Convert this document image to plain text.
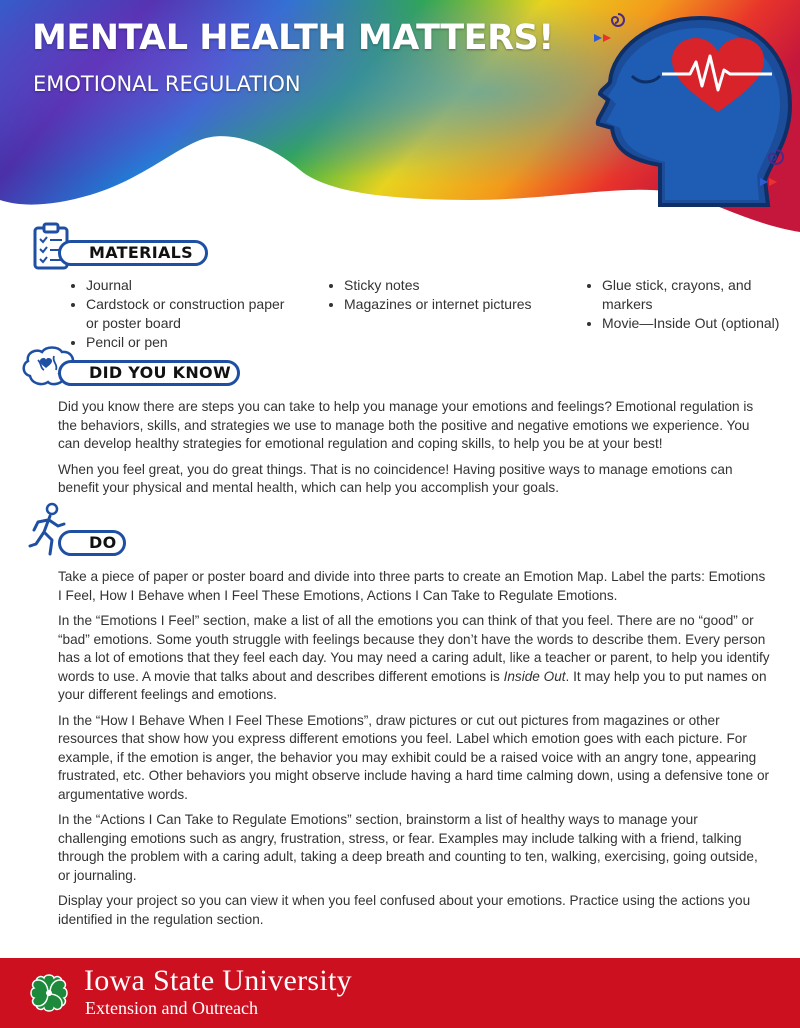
MENTAL HEALTH MATTERS!
EMOTIONAL REGULATION
MATERIALS
• Journal
• Cardstock or construction paper or poster board
• Pencil or pen
• Sticky notes
• Magazines or internet pictures
• Glue stick, crayons, and markers
• Movie—Inside Out (optional)
DID YOU KNOW

Did you know there are steps you can take to help you manage your emotions and feelings? Emotional regulation is the behaviors, skills, and strategies we use to manage both the positive and negative emotions we experience. You can develop healthy strategies for emotional regulation and coping skills, to help you be at your best!

When you feel great, you do great things. That is no coincidence! Having positive ways to manage emotions can benefit your physical and mental health, which can help you accomplish your goals.

DO

Take a piece of paper or poster board and divide into three parts to create an Emotion Map. Label the parts: Emotions I Feel, How I Behave when I Feel These Emotions, Actions I Can Take to Regulate Emotions.

In the “Emotions I Feel” section, make a list of all the emotions you can think of that you feel. There are no “good” or “bad” emotions. Some youth struggle with feelings because they don’t have the words to describe them. Every person has a lot of emotions that they feel each day. You may need a caring adult, like a teacher or parent, to help you identify words to use. A movie that talks about and describes different emotions is Inside Out. It may help you to put names on your different feelings and emotions.

In the “How I Behave When I Feel These Emotions”, draw pictures or cut out pictures from magazines or other resources that show how you express different emotions you feel. Label which emotion goes with each picture. For example, if the emotion is anger, the behavior you may exhibit could be a raised voice with an angry tone, appearing frustrated, etc. Other behaviors you might observe include having a hard time calming down, using a defensive tone or argumentative words.

In the “Actions I Can Take to Regulate Emotions” section, brainstorm a list of healthy ways to manage your challenging emotions such as angry, frustration, stress, or fear. Examples may include talking with a friend, talking through the problem with a caring adult, taking a deep breath and counting to ten, walking, exercising, going outside, or journaling.

Display your project so you can view it when you feel confused about your emotions. Practice using the actions you identified in the regulation section.

Iowa State University
Extension and Outreach
